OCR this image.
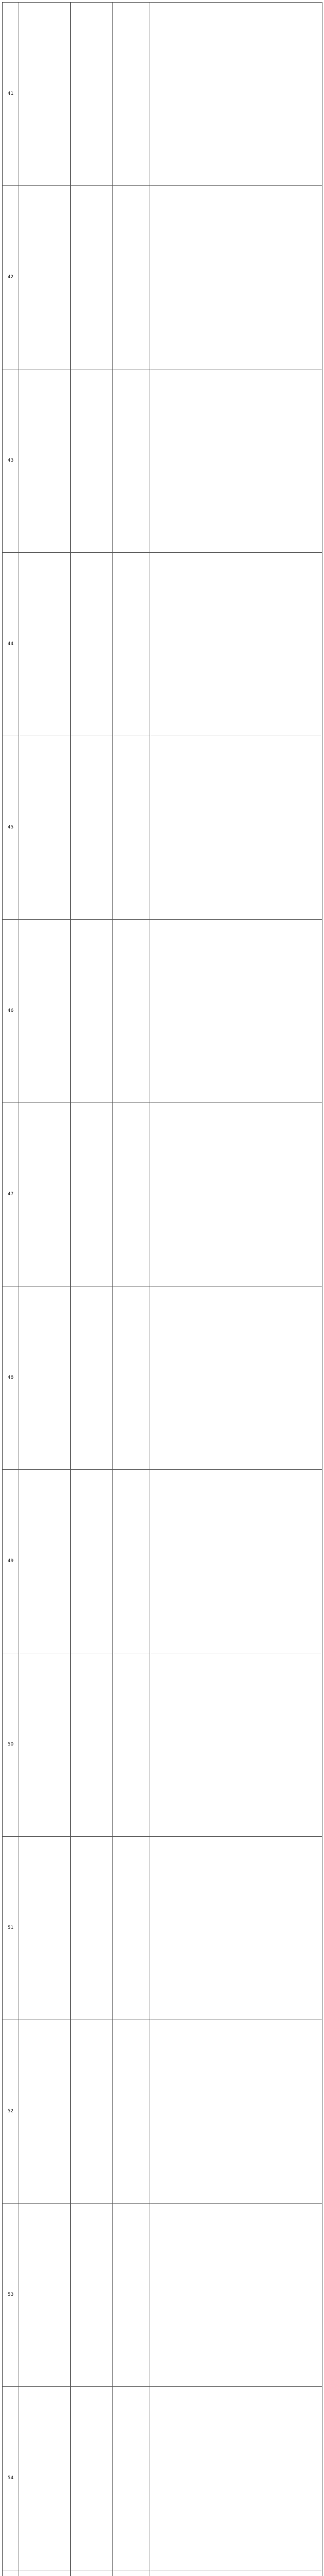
41				
42				
43				
44				
45				
46				
47				
48				
49				
50				
51				
52				
53				
54				
